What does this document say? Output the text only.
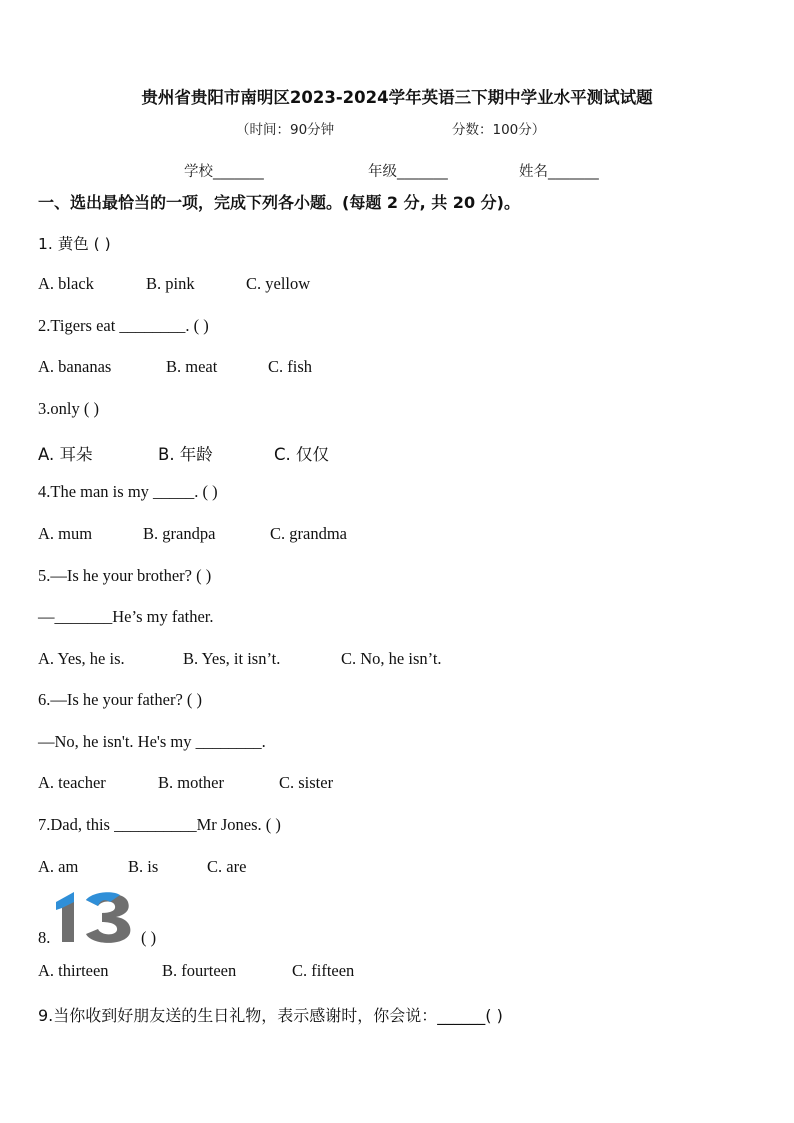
贵州省贵阳市南明区2023-2024学年英语三下期中学业水平测试试题
（时间：90分钟	分数：100分）
学校_______	年级_______	姓名_______
一、选出最恰当的一项，完成下列各小题。(每题 2 分, 共 20 分)。
1. 黄色 ( )
A. black	B. pink	C. yellow
2.Tigers eat ________. ( )
A. bananas	B. meat	C. fish
3.only ( )
A. 耳朵	B. 年龄	C. 仅仅
4.The man is my _____. ( )
A. mum	B. grandpa	C. grandma
5.—Is he your brother? ( )
—_______He’s my father.
A. Yes, he is.	B. Yes, it isn’t.	C. No, he isn’t.
6.—Is he your father? ( )
—No, he isn't. He's my ________.
A. teacher	B. mother	C. sister
7.Dad, this __________Mr Jones. ( )
A. am	B. is	C. are
8.	13	( )
A. thirteen	B. fourteen	C. fifteen
9.当你收到好朋友送的生日礼物，表示感谢时，你会说：______( )
